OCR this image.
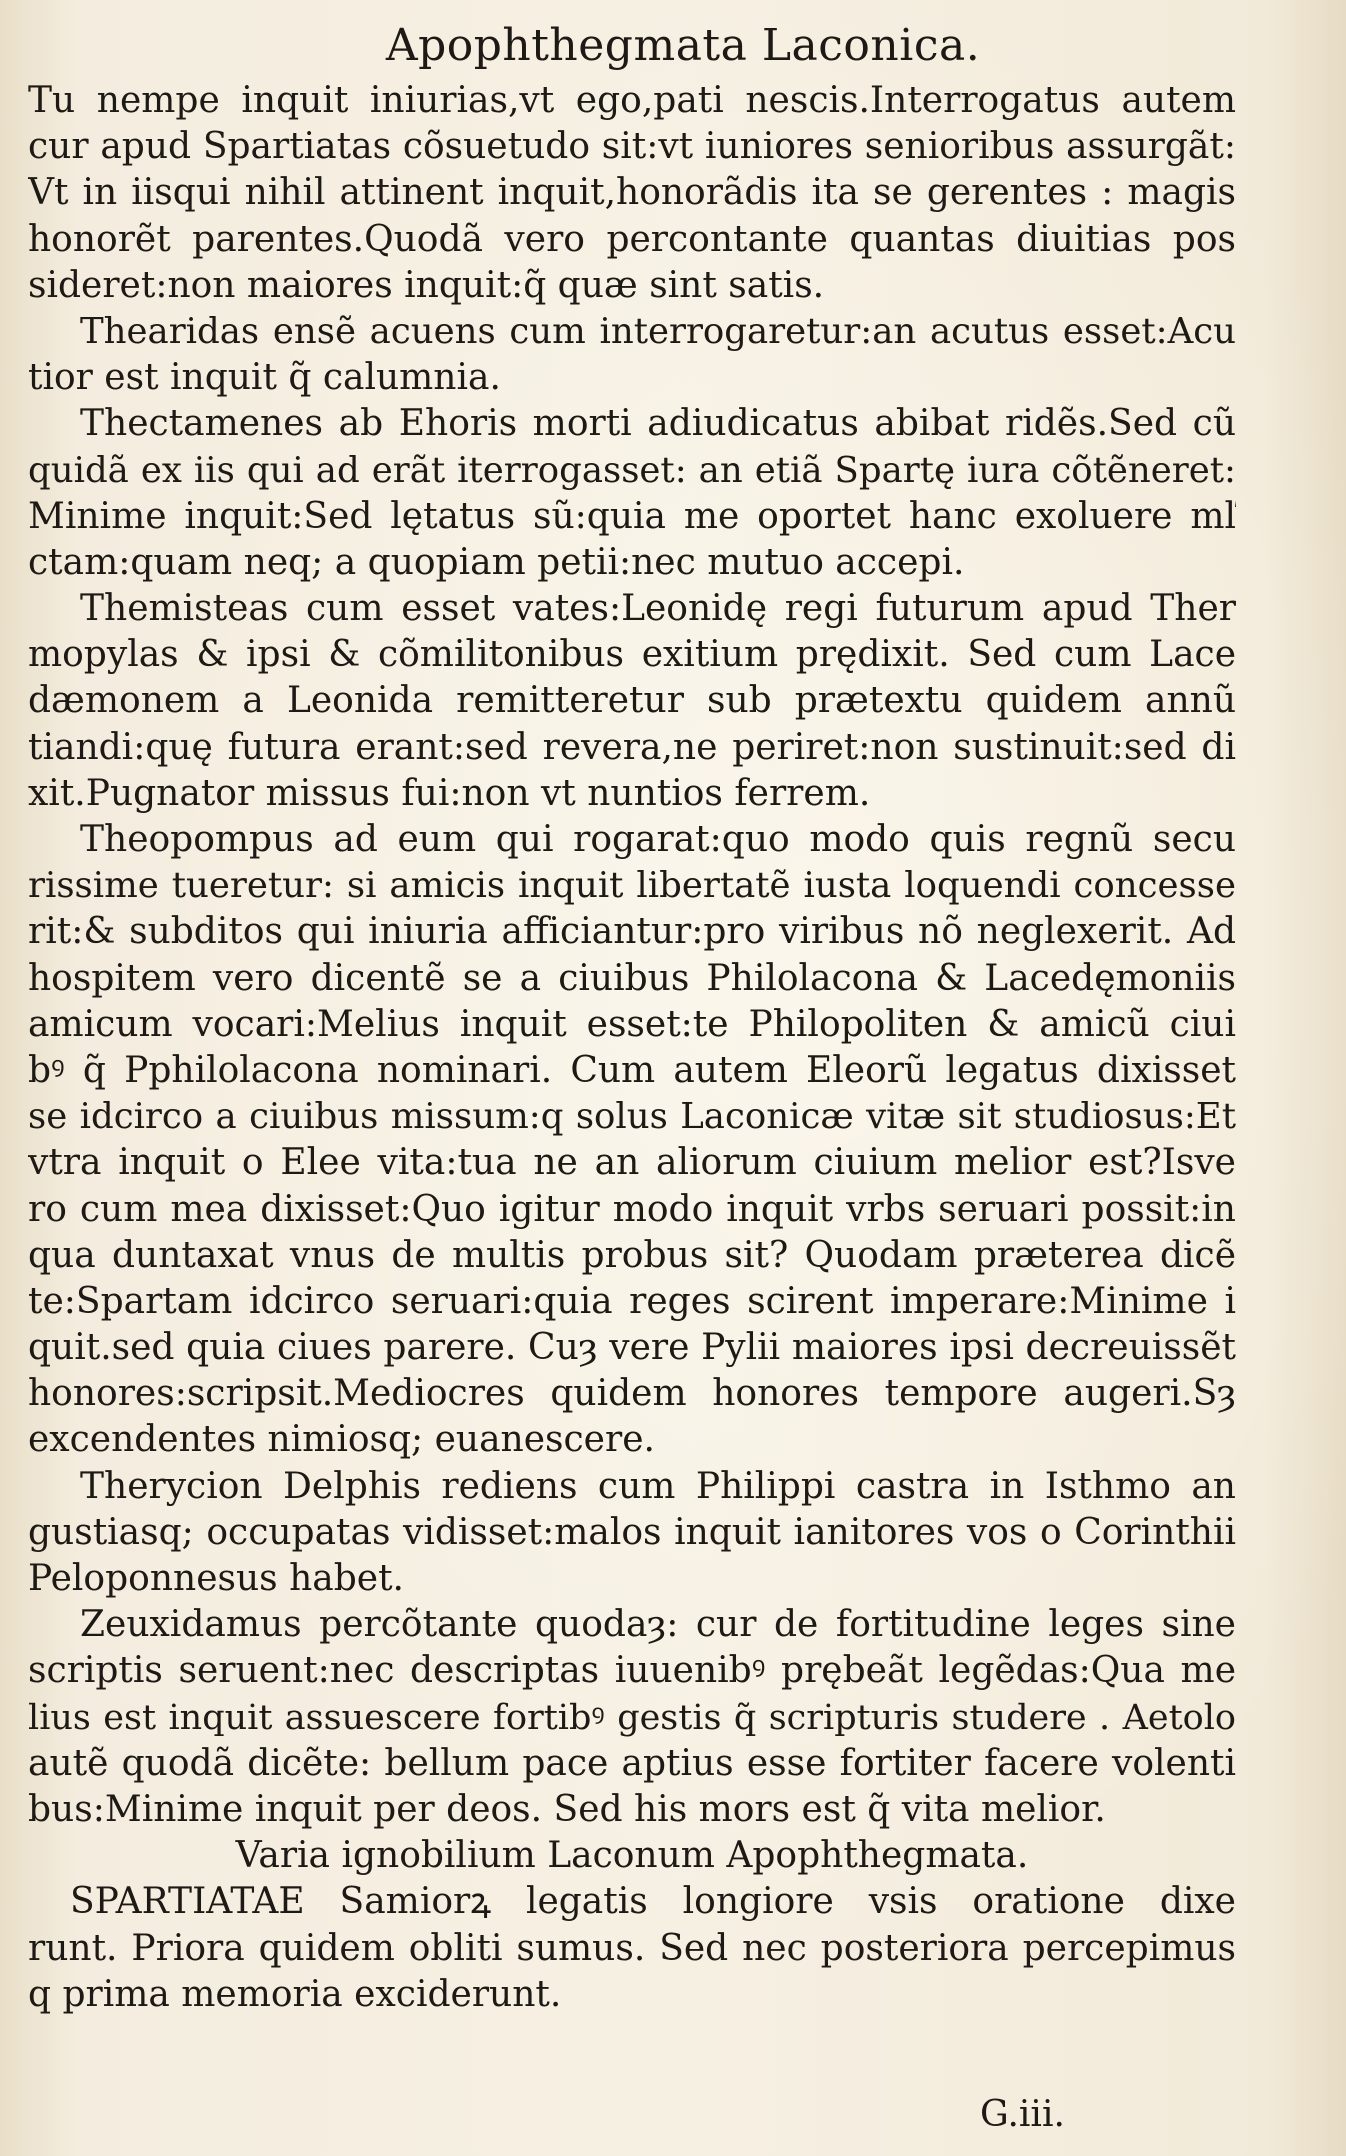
Apophthegmata Laconica.
Tu nempe inquit iniurias,vt ego,pati nescis.Interrogatus autem
cur apud Spartiatas cõsuetudo sit:vt iuniores senioribus assurgãt:
Vt in iisqui nihil attinent inquit,honorãdis ita se gerentes : magis
honorẽt parentes.Quodã vero percontante quantas diuitias pos
sideret:non maiores inquit:q̃ quæ sint satis.
Thearidas ensẽ acuens cum interrogaretur:an acutus esset:Acu
tior est inquit q̃ calumnia.
Thectamenes ab Ehoris morti adiudicatus abibat ridẽs.Sed cũ
quidã ex iis qui ad erãt iterrogasset: an etiã Spartę iura cõtẽneret:
Minime inquit:Sed lętatus sũ:quia me oportet hanc exoluere mľ
ctam:quam neq; a quopiam petii:nec mutuo accepi.
Themisteas cum esset vates:Leonidę regi futurum apud Ther
mopylas & ipsi & cõmilitonibus exitium prędixit. Sed cum Lace
dæmonem a Leonida remitteretur sub prætextu quidem annũ
tiandi:quę futura erant:sed revera,ne periret:non sustinuit:sed di
xit.Pugnator missus fui:non vt nuntios ferrem.
Theopompus ad eum qui rogarat:quo modo quis regnũ secu
rissime tueretur: si amicis inquit libertatẽ iusta loquendi concesse
rit:& subditos qui iniuria afficiantur:pro viribus nõ neglexerit. Ad
hospitem vero dicentẽ se a ciuibus Philolacona & Lacedęmoniis
amicum vocari:Melius inquit esset:te Philopoliten & amicũ ciui
bꝰ q̃ Pphilolacona nominari. Cum autem Eleorũ legatus dixisset
se idcirco a ciuibus missum:q solus Laconicæ vitæ sit studiosus:Et
vtra inquit o Elee vita:tua ne an aliorum ciuium melior est?Isve
ro cum mea dixisset:Quo igitur modo inquit vrbs seruari possit:in
qua duntaxat vnus de multis probus sit? Quodam præterea dicẽ
te:Spartam idcirco seruari:quia reges scirent imperare:Minime i
quit.sed quia ciues parere. Cuȝ vere Pylii maiores ipsi decreuissẽt
honores:scripsit.Mediocres quidem honores tempore augeri.Sȝ
excendentes nimiosq; euanescere.
Therycion Delphis rediens cum Philippi castra in Isthmo an
gustiasq; occupatas vidisset:malos inquit ianitores vos o Corinthii
Peloponnesus habet.
Zeuxidamus percõtante quodaȝ: cur de fortitudine leges sine
scriptis seruent:nec descriptas iuuenibꝰ prębeãt legẽdas:Qua me
lius est inquit assuescere fortibꝰ gestis q̃ scripturis studere . Aetolo
autẽ quodã dicẽte: bellum pace aptius esse fortiter facere volenti
bus:Minime inquit per deos. Sed his mors est q̃ vita melior.
Varia ignobilium Laconum Apophthegmata.
SPARTIATAE Samiorꝝ legatis longiore vsis oratione dixe
runt. Priora quidem obliti sumus. Sed nec posteriora percepimus
q prima memoria exciderunt.
G.iii.
